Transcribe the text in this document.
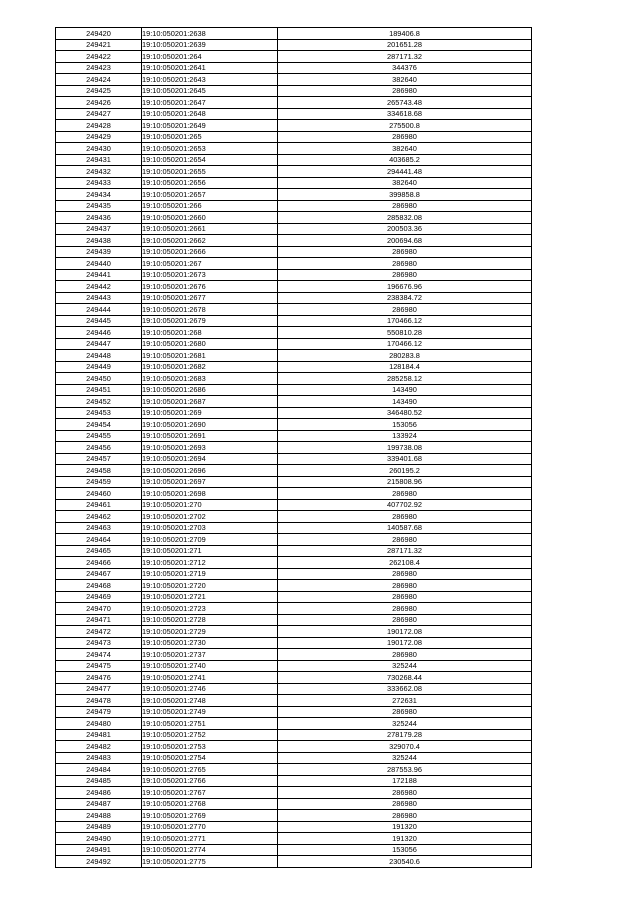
249420	19:10:050201:2638	189406.8
249421	19:10:050201:2639	201651.28
249422	19:10:050201:264	287171.32
249423	19:10:050201:2641	344376
249424	19:10:050201:2643	382640
249425	19:10:050201:2645	286980
249426	19:10:050201:2647	265743.48
249427	19:10:050201:2648	334618.68
249428	19:10:050201:2649	275500.8
249429	19:10:050201:265	286980
249430	19:10:050201:2653	382640
249431	19:10:050201:2654	403685.2
249432	19:10:050201:2655	294441.48
249433	19:10:050201:2656	382640
249434	19:10:050201:2657	399858.8
249435	19:10:050201:266	286980
249436	19:10:050201:2660	285832.08
249437	19:10:050201:2661	200503.36
249438	19:10:050201:2662	200694.68
249439	19:10:050201:2666	286980
249440	19:10:050201:267	286980
249441	19:10:050201:2673	286980
249442	19:10:050201:2676	196676.96
249443	19:10:050201:2677	238384.72
249444	19:10:050201:2678	286980
249445	19:10:050201:2679	170466.12
249446	19:10:050201:268	550810.28
249447	19:10:050201:2680	170466.12
249448	19:10:050201:2681	280283.8
249449	19:10:050201:2682	128184.4
249450	19:10:050201:2683	285258.12
249451	19:10:050201:2686	143490
249452	19:10:050201:2687	143490
249453	19:10:050201:269	346480.52
249454	19:10:050201:2690	153056
249455	19:10:050201:2691	133924
249456	19:10:050201:2693	199738.08
249457	19:10:050201:2694	339401.68
249458	19:10:050201:2696	260195.2
249459	19:10:050201:2697	215808.96
249460	19:10:050201:2698	286980
249461	19:10:050201:270	407702.92
249462	19:10:050201:2702	286980
249463	19:10:050201:2703	140587.68
249464	19:10:050201:2709	286980
249465	19:10:050201:271	287171.32
249466	19:10:050201:2712	262108.4
249467	19:10:050201:2719	286980
249468	19:10:050201:2720	286980
249469	19:10:050201:2721	286980
249470	19:10:050201:2723	286980
249471	19:10:050201:2728	286980
249472	19:10:050201:2729	190172.08
249473	19:10:050201:2730	190172.08
249474	19:10:050201:2737	286980
249475	19:10:050201:2740	325244
249476	19:10:050201:2741	730268.44
249477	19:10:050201:2746	333662.08
249478	19:10:050201:2748	272631
249479	19:10:050201:2749	286980
249480	19:10:050201:2751	325244
249481	19:10:050201:2752	278179.28
249482	19:10:050201:2753	329070.4
249483	19:10:050201:2754	325244
249484	19:10:050201:2765	287553.96
249485	19:10:050201:2766	172188
249486	19:10:050201:2767	286980
249487	19:10:050201:2768	286980
249488	19:10:050201:2769	286980
249489	19:10:050201:2770	191320
249490	19:10:050201:2771	191320
249491	19:10:050201:2774	153056
249492	19:10:050201:2775	230540.6
